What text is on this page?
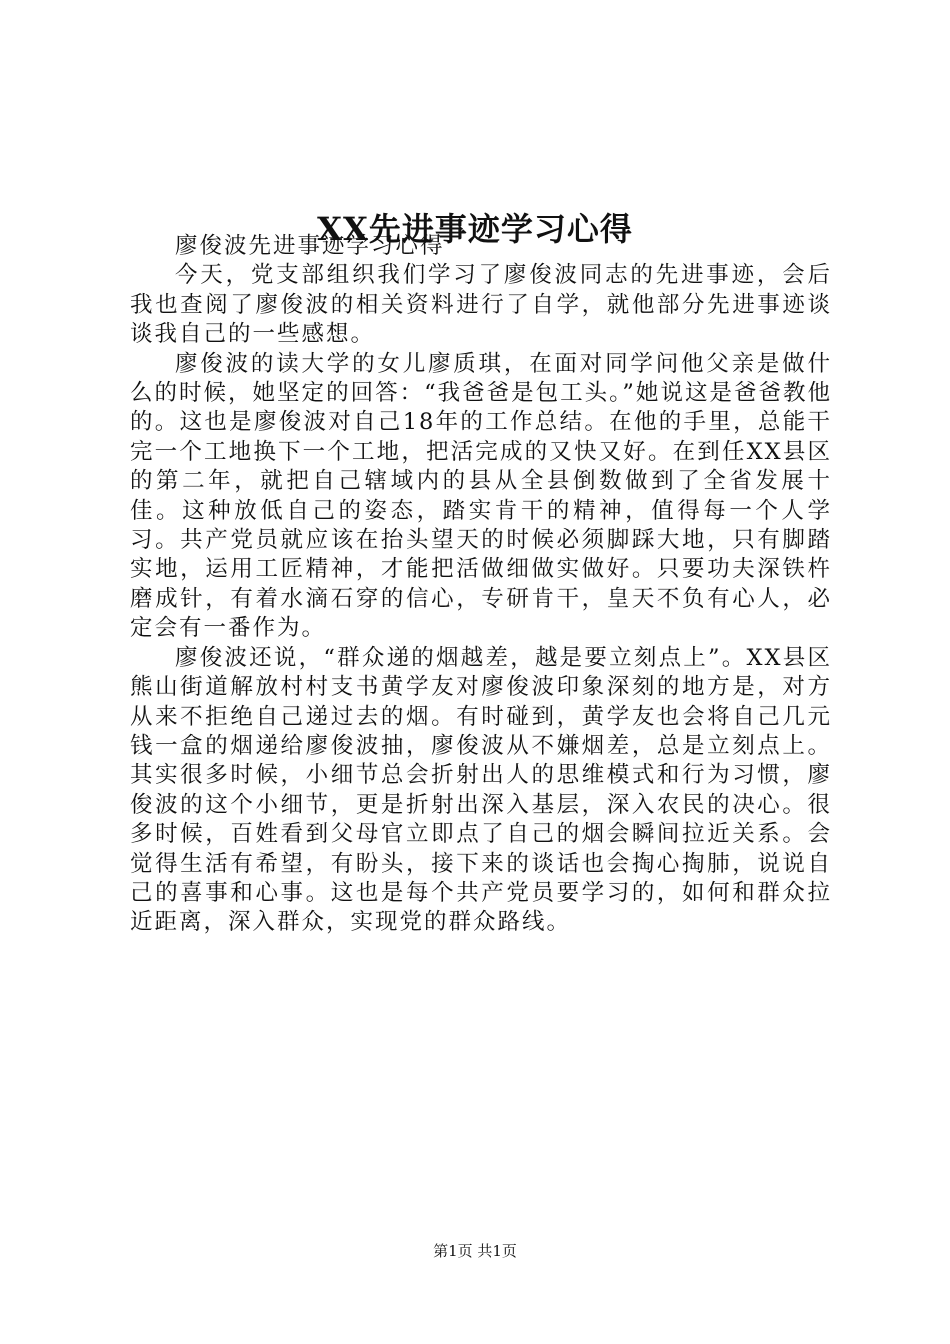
XX先进事迹学习心得

廖俊波先进事迹学习心得

今天，党支部组织我们学习了廖俊波同志的先进事迹，会后我也查阅了廖俊波的相关资料进行了自学，就他部分先进事迹谈谈我自己的一些感想。

廖俊波的读大学的女儿廖质琪，在面对同学问他父亲是做什么的时候，她坚定的回答：“我爸爸是包工头。”她说这是爸爸教他的。这也是廖俊波对自己18年的工作总结。在他的手里，总能干完一个工地换下一个工地，把活完成的又快又好。在到任XX县区的第二年，就把自己辖域内的县从全县倒数做到了全省发展十佳。这种放低自己的姿态，踏实肯干的精神，值得每一个人学习。共产党员就应该在抬头望天的时候必须脚踩大地，只有脚踏实地，运用工匠精神，才能把活做细做实做好。只要功夫深铁杵磨成针，有着水滴石穿的信心，专研肯干，皇天不负有心人，必定会有一番作为。

廖俊波还说，“群众递的烟越差，越是要立刻点上”。XX县区熊山街道解放村村支书黄学友对廖俊波印象深刻的地方是，对方从来不拒绝自己递过去的烟。有时碰到，黄学友也会将自己几元钱一盒的烟递给廖俊波抽，廖俊波从不嫌烟差，总是立刻点上。其实很多时候，小细节总会折射出人的思维模式和行为习惯，廖俊波的这个小细节，更是折射出深入基层，深入农民的决心。很多时候，百姓看到父母官立即点了自己的烟会瞬间拉近关系。会觉得生活有希望，有盼头，接下来的谈话也会掏心掏肺，说说自己的喜事和心事。这也是每个共产党员要学习的，如何和群众拉近距离，深入群众，实现党的群众路线。

第1页 共1页
